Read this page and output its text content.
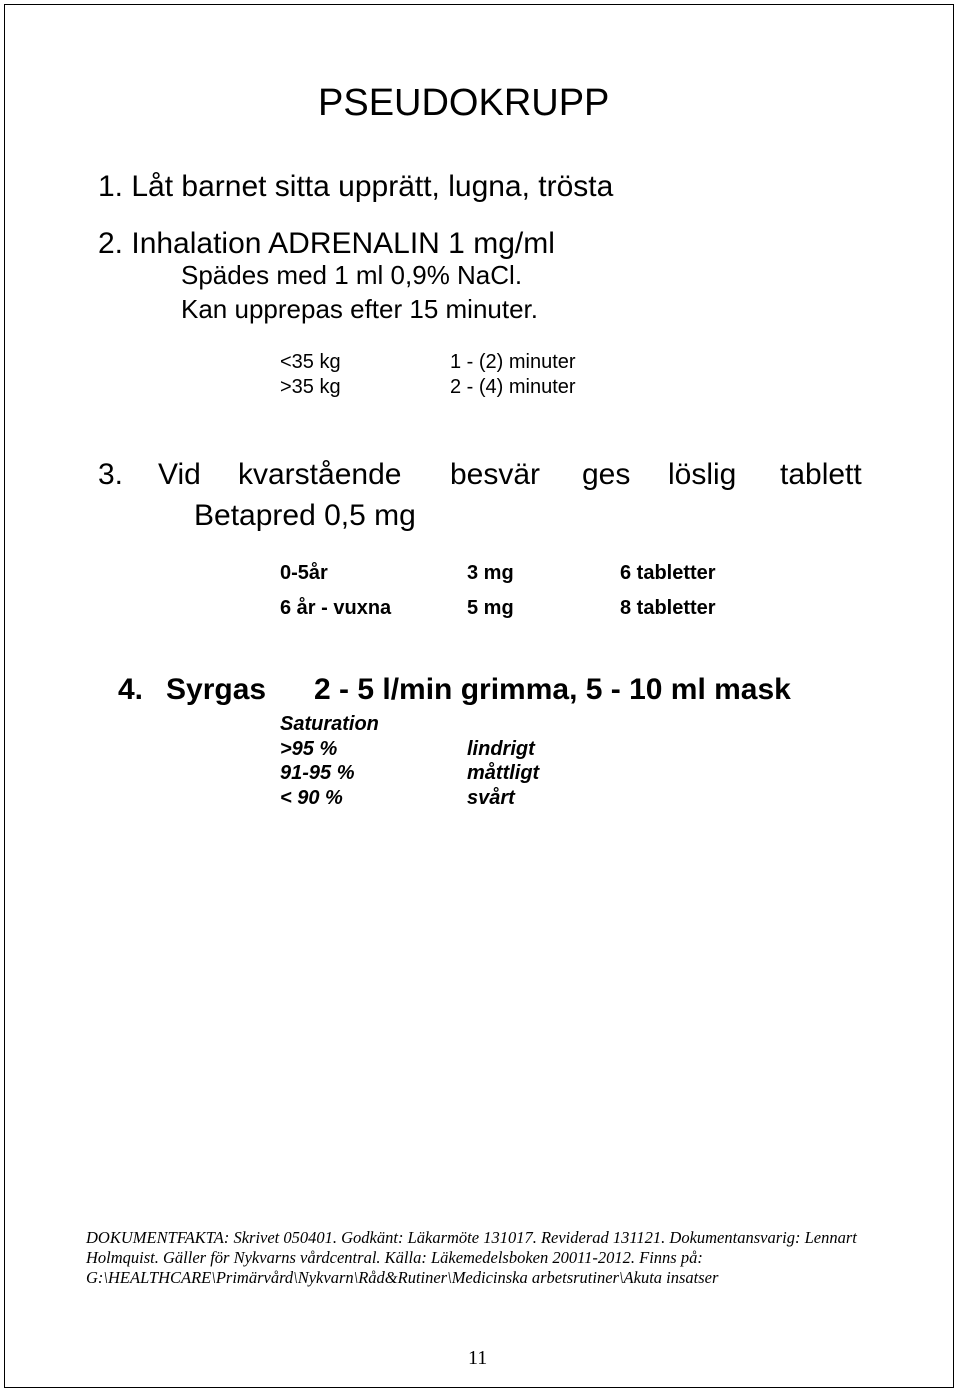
PSEUDOKRUPP
1. Låt barnet sitta upprätt, lugna, trösta
2. Inhalation ADRENALIN 1 mg/ml
Spädes med 1 ml 0,9% NaCl.
Kan upprepas efter 15 minuter.
<35 kg	1 - (2) minuter
>35 kg	2 - (4) minuter
3. Vid kvarstående besvär ges löslig tablett
Betapred 0,5 mg
0-5år	3 mg	6 tabletter
6 år - vuxna	5 mg	8 tabletter
4. Syrgas 2 - 5 l/min grimma, 5 - 10 ml mask
Saturation
>95 %	lindrigt
91-95 %	måttligt
< 90 %	svårt

DOKUMENTFAKTA: Skrivet 050401. Godkänt: Läkarmöte 131017. Reviderad 131121. Dokumentansvarig: Lennart

Holmquist. Gäller för Nykvarns vårdcentral. Källa: Läkemedelsboken 20011-2012. Finns på:

G:\HEALTHCARE\Primärvård\Nykvarn\Råd&Rutiner\Medicinska arbetsrutiner\Akuta insatser

11
